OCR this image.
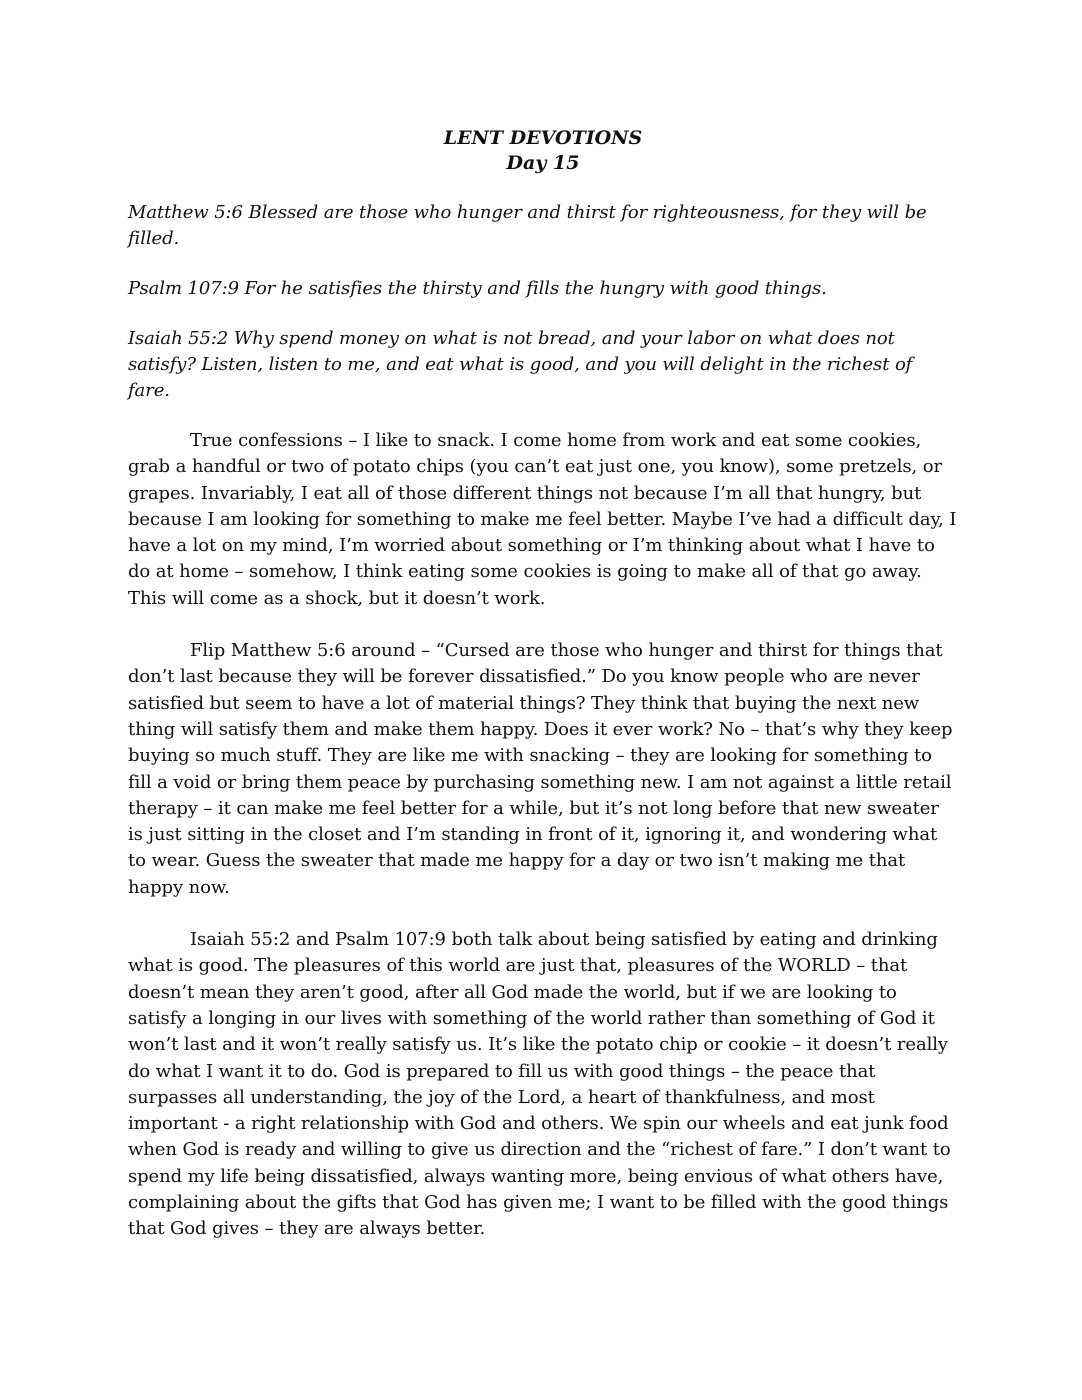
LENT DEVOTIONS

Day 15

Matthew 5:6 Blessed are those who hunger and thirst for righteousness, for they will be filled.

Psalm 107:9 For he satisfies the thirsty and fills the hungry with good things.

Isaiah 55:2 Why spend money on what is not bread, and your labor on what does not satisfy? Listen, listen to me, and eat what is good, and you will delight in the richest of fare.

True confessions – I like to snack. I come home from work and eat some cookies, grab a handful or two of potato chips (you can’t eat just one, you know), some pretzels, or grapes. Invariably, I eat all of those different things not because I’m all that hungry, but because I am looking for something to make me feel better. Maybe I’ve had a difficult day, I have a lot on my mind, I’m worried about something or I’m thinking about what I have to do at home – somehow, I think eating some cookies is going to make all of that go away. This will come as a shock, but it doesn’t work.

Flip Matthew 5:6 around – “Cursed are those who hunger and thirst for things that don’t last because they will be forever dissatisfied.” Do you know people who are never satisfied but seem to have a lot of material things? They think that buying the next new thing will satisfy them and make them happy. Does it ever work? No – that’s why they keep buying so much stuff. They are like me with snacking – they are looking for something to fill a void or bring them peace by purchasing something new. I am not against a little retail therapy – it can make me feel better for a while, but it’s not long before that new sweater is just sitting in the closet and I’m standing in front of it, ignoring it, and wondering what to wear. Guess the sweater that made me happy for a day or two isn’t making me that happy now.

Isaiah 55:2 and Psalm 107:9 both talk about being satisfied by eating and drinking what is good. The pleasures of this world are just that, pleasures of the WORLD – that doesn’t mean they aren’t good, after all God made the world, but if we are looking to satisfy a longing in our lives with something of the world rather than something of God it won’t last and it won’t really satisfy us. It’s like the potato chip or cookie – it doesn’t really do what I want it to do. God is prepared to fill us with good things – the peace that surpasses all understanding, the joy of the Lord, a heart of thankfulness, and most important - a right relationship with God and others. We spin our wheels and eat junk food when God is ready and willing to give us direction and the “richest of fare.” I don’t want to spend my life being dissatisfied, always wanting more, being envious of what others have, complaining about the gifts that God has given me; I want to be filled with the good things that God gives – they are always better.
